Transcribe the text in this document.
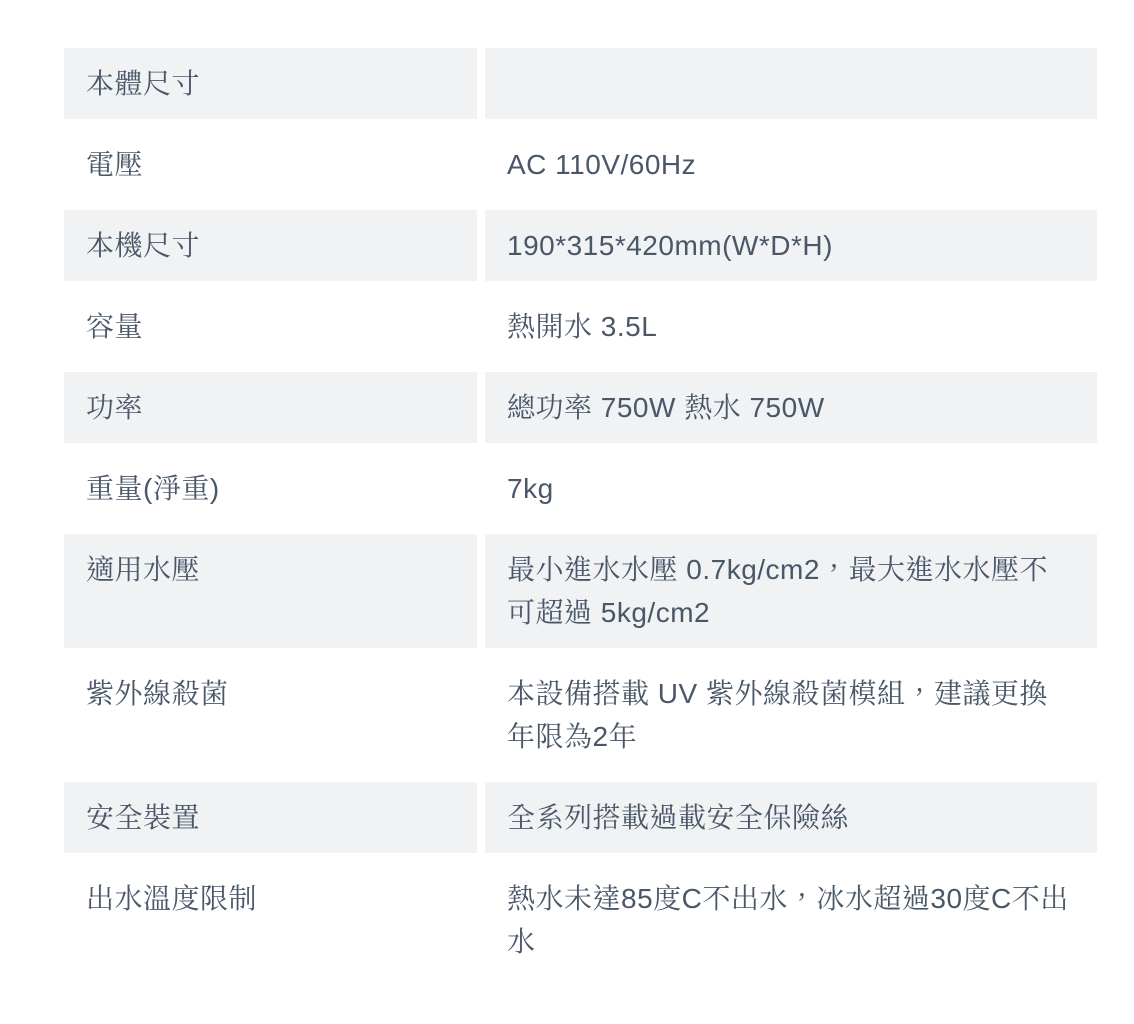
本體尺寸
電壓	AC 110V/60Hz
本機尺寸	190*315*420mm(W*D*H)
容量	熱開水 3.5L
功率	總功率 750W 熱水 750W
重量(淨重)	7kg
適用水壓	最小進水水壓 0.7kg/cm2，最大進水水壓不可超過 5kg/cm2
紫外線殺菌	本設備搭載 UV 紫外線殺菌模組，建議更換年限為2年
安全裝置	全系列搭載過載安全保險絲
出水溫度限制	熱水未達85度C不出水，冰水超過30度C不出水
